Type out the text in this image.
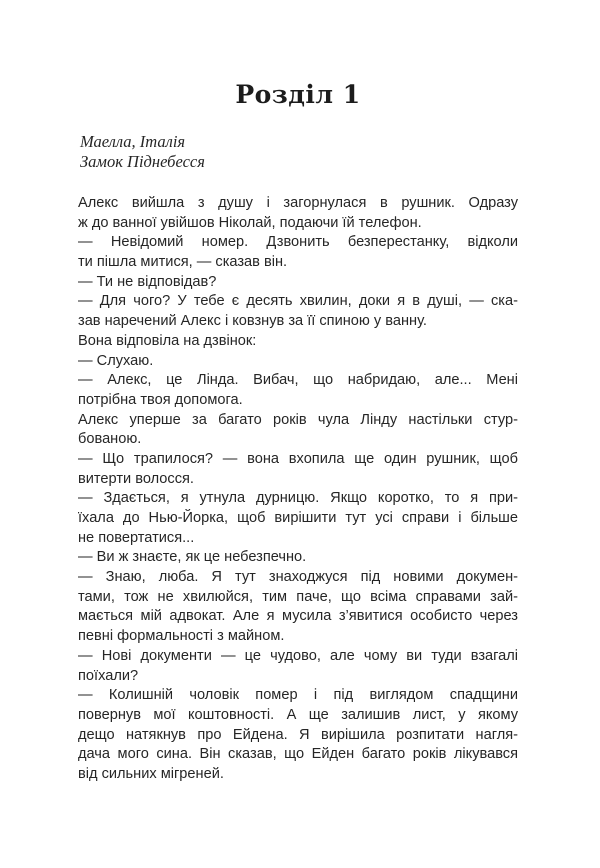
Розділ 1
Маелла, Італія
Замок Піднебесся
Алекс вийшла з душу і загорнулася в рушник. Одразу
ж до ванної увійшов Ніколай, подаючи їй телефон.
— Невідомий номер. Дзвонить безперестанку, відколи
ти пішла митися, — сказав він.
— Ти не відповідав?
— Для чого? У тебе є десять хвилин, доки я в душі, — ска-
зав наречений Алекс і ковзнув за її спиною у ванну.
Вона відповіла на дзвінок:
— Слухаю.
— Алекс, це Лінда. Вибач, що набридаю, але... Мені
потрібна твоя допомога.
Алекс уперше за багато років чула Лінду настільки стур-
бованою.
— Що трапилося? — вона вхопила ще один рушник, щоб
витерти волосся.
— Здається, я утнула дурницю. Якщо коротко, то я при-
їхала до Нью-Йорка, щоб вирішити тут усі справи і більше
не повертатися...
— Ви ж знаєте, як це небезпечно.
— Знаю, люба. Я тут знаходжуся під новими докумен-
тами, тож не хвилюйся, тим паче, що всіма справами зай-
мається мій адвокат. Але я мусила з’явитися особисто через
певні формальності з майном.
— Нові документи — це чудово, але чому ви туди взагалі
поїхали?
— Колишній чоловік помер і під виглядом спадщини
повернув мої коштовності. А ще залишив лист, у якому
дещо натякнув про Ейдена. Я вирішила розпитати нагля-
дача мого сина. Він сказав, що Ейден багато років лікувався
від сильних мігреней.
